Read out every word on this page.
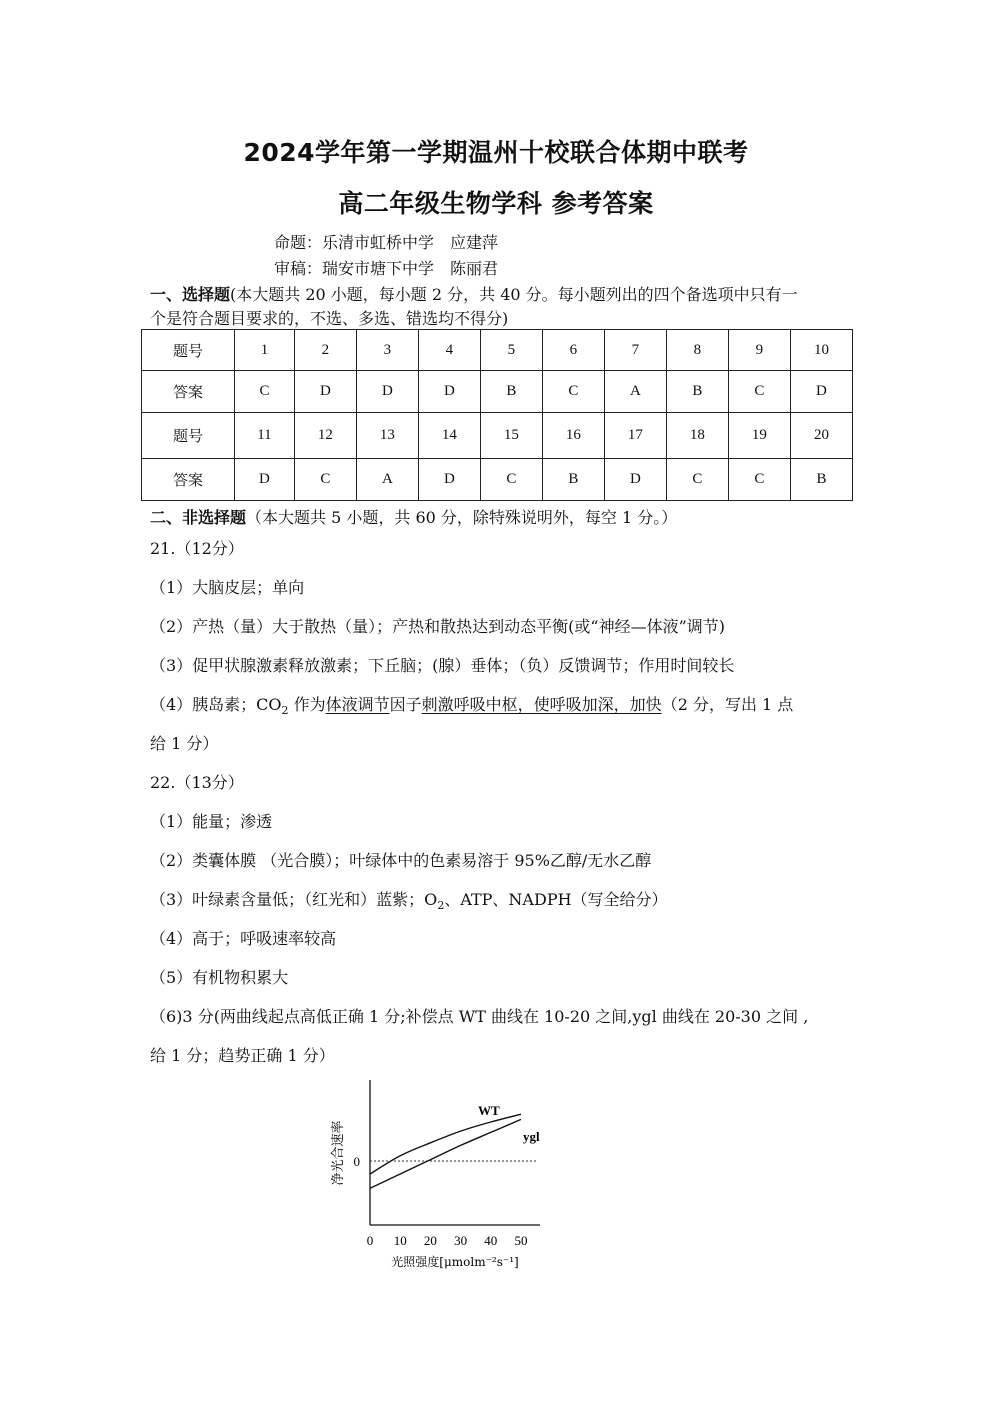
2024学年第一学期温州十校联合体期中联考
高二年级生物学科 参考答案
命题：乐清市虹桥中学　应建萍
审稿：瑞安市塘下中学　陈丽君
一、选择题(本大题共 20 小题，每小题 2 分，共 40 分。每小题列出的四个备选项中只有一
个是符合题目要求的，不选、多选、错选均不得分)
题号	1	2	3	4	5	6	7	8	9	10
答案	C	D	D	D	B	C	A	B	C	D
题号	11	12	13	14	15	16	17	18	19	20
答案	D	C	A	D	C	B	D	C	C	B
二、非选择题（本大题共 5 小题，共 60 分，除特殊说明外，每空 1 分。）
21.（12分）
（1）大脑皮层；单向
（2）产热（量）大于散热（量）；产热和散热达到动态平衡(或“神经—体液”调节)
（3）促甲状腺激素释放激素；下丘脑；(腺）垂体；（负）反馈调节；作用时间较长
（4）胰岛素；$CO_2$ 作为体液调节因子刺激呼吸中枢，使呼吸加深，加快（2 分，写出 1 点
给 1 分）
22.（13分）
（1）能量；渗透
（2）类囊体膜 （光合膜）；叶绿体中的色素易溶于 95%乙醇/无水乙醇
（3）叶绿素含量低；（红光和）蓝紫；$O_2$、ATP、NADPH（写全给分）
（4）高于；呼吸速率较高
（5）有机物积累大
（6)3 分(两曲线起点高低正确 1 分;补偿点 WT 曲线在 10-20 之间,ygl 曲线在 20-30 之间 ,
给 1 分；趋势正确 1 分）
0
净光合速率
0 10 20 30 40 50
光照强度[μmolm⁻²s⁻¹]
WT
ygl
